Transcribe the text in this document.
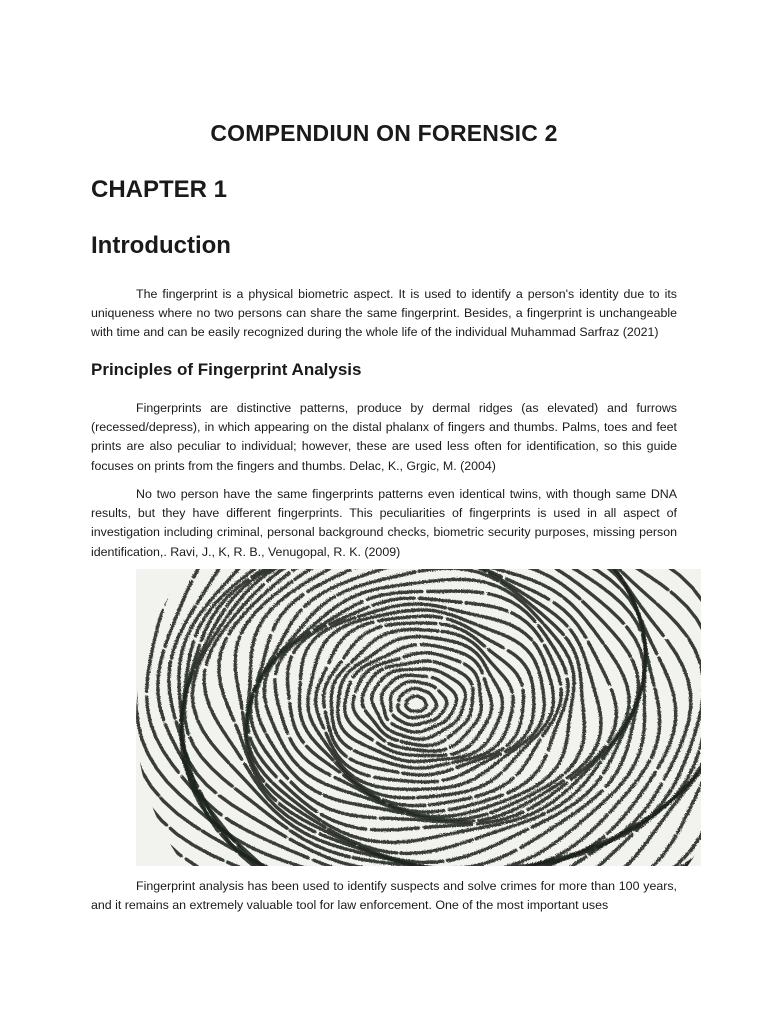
COMPENDIUN ON FORENSIC 2
CHAPTER 1
Introduction

The fingerprint is a physical biometric aspect. It is used to identify a person's identity due to its uniqueness where no two persons can share the same fingerprint. Besides, a fingerprint is unchangeable with time and can be easily recognized during the whole life of the individual Muhammad Sarfraz (2021)

Principles of Fingerprint Analysis

Fingerprints are distinctive patterns, produce by dermal ridges (as elevated) and furrows (recessed/depress), in which appearing on the distal phalanx of fingers and thumbs. Palms, toes and feet prints are also peculiar to individual; however, these are used less often for identification, so this guide focuses on prints from the fingers and thumbs. Delac, K., Grgic, M. (2004)

No two person have the same fingerprints patterns even identical twins, with though same DNA results, but they have different fingerprints. This peculiarities of fingerprints is used in all aspect of investigation including criminal, personal background checks, biometric security purposes, missing person identification,. Ravi, J., K, R. B., Venugopal, R. K. (2009)

Fingerprint analysis has been used to identify suspects and solve crimes for more than 100 years, and it remains an extremely valuable tool for law enforcement. One of the most important uses
